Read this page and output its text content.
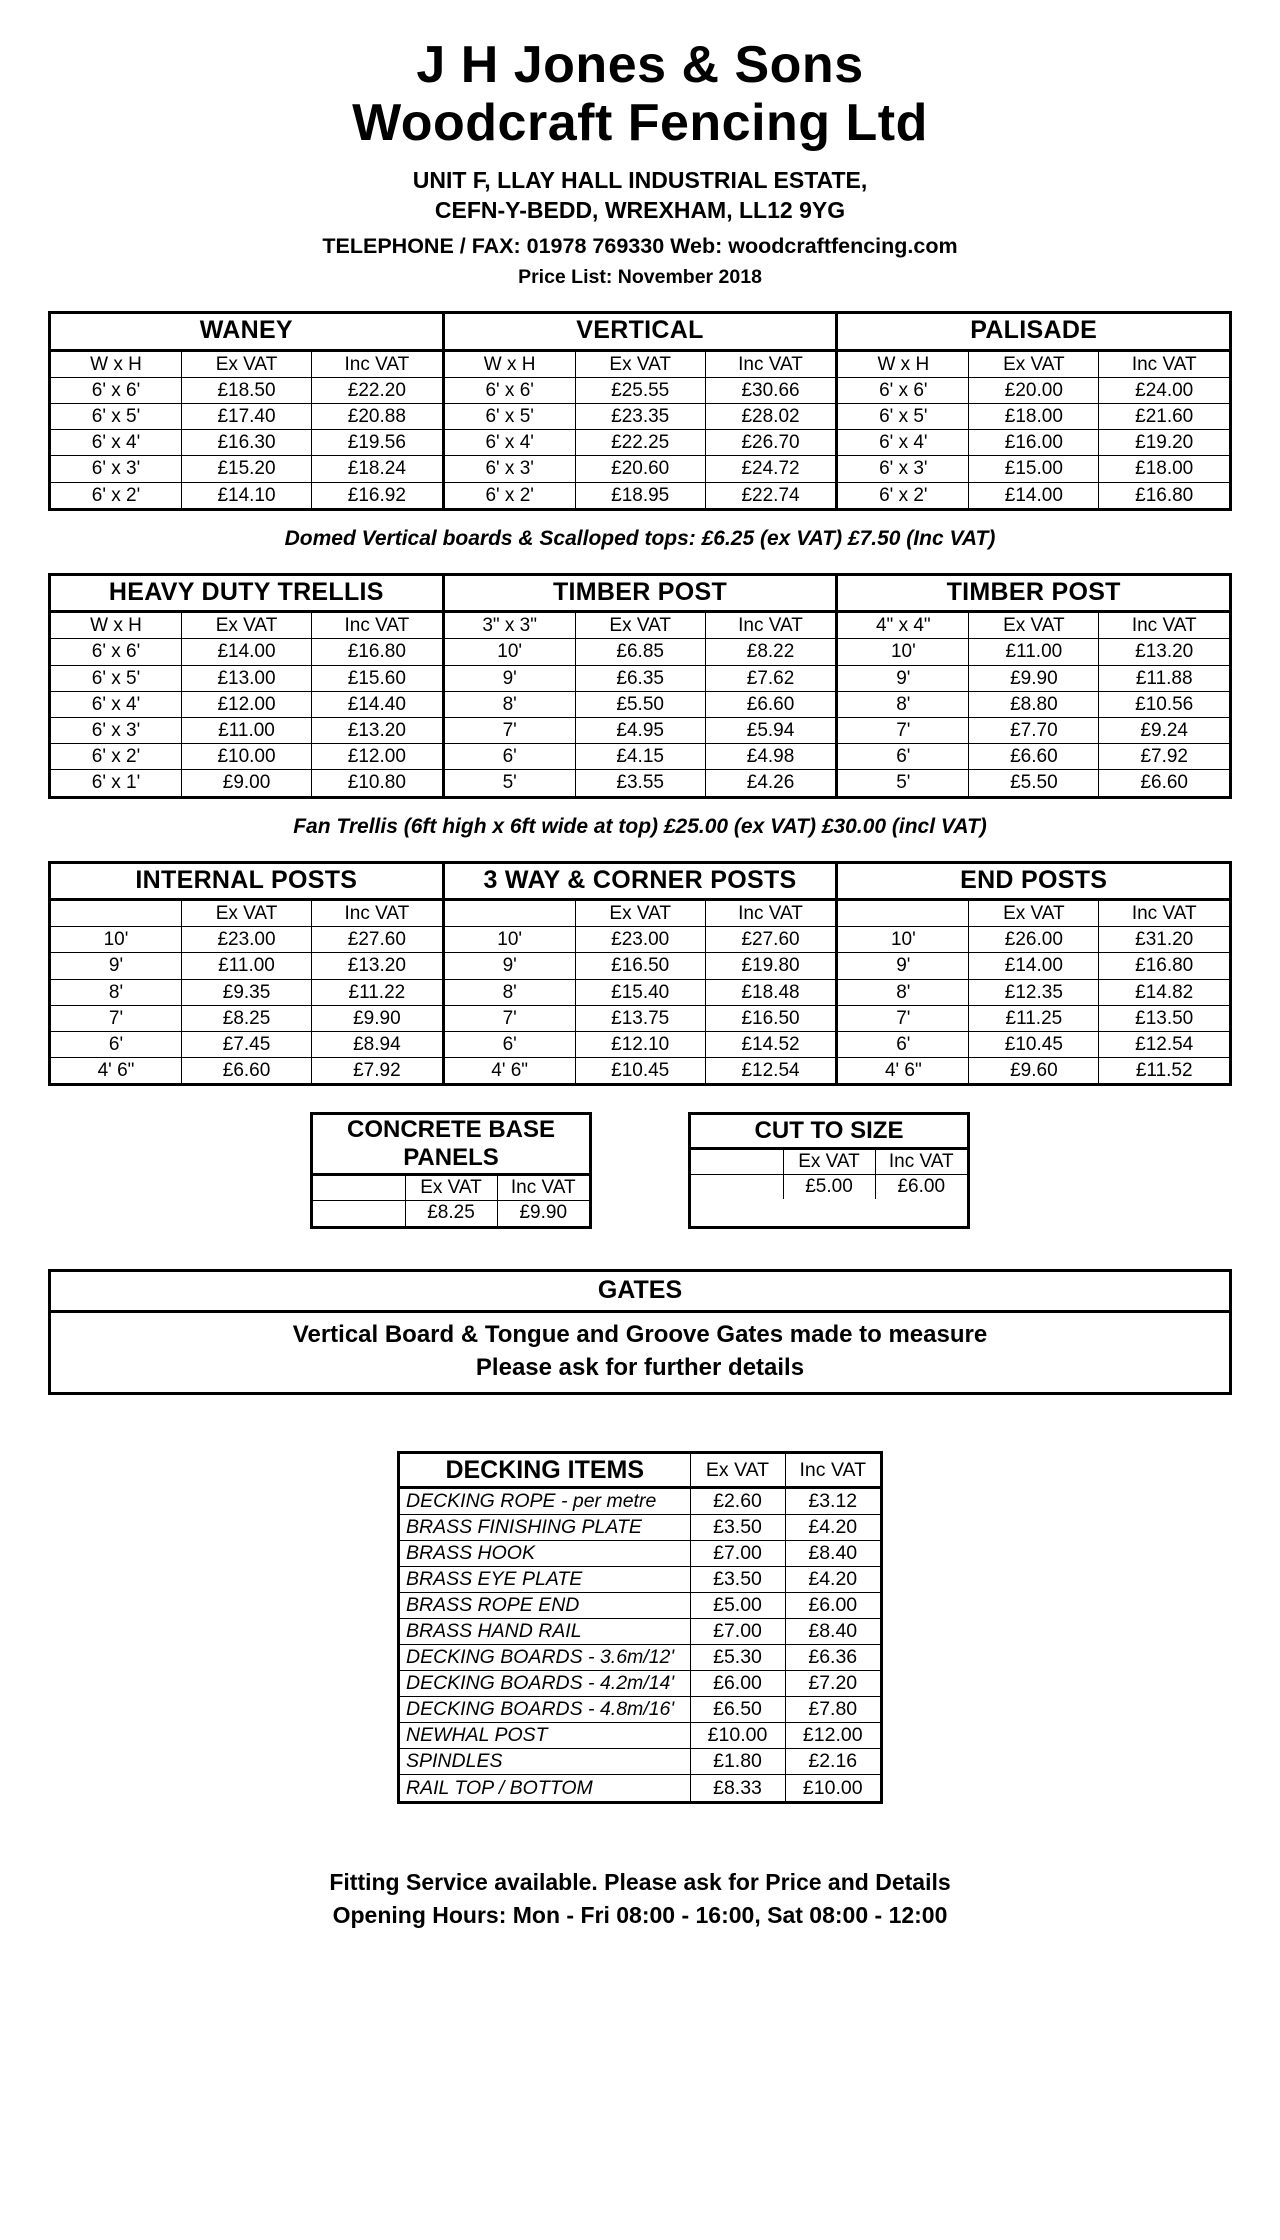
J H Jones & Sons
Woodcraft Fencing Ltd
UNIT F, LLAY HALL INDUSTRIAL ESTATE,
CEFN-Y-BEDD, WREXHAM, LL12 9YG
TELEPHONE / FAX: 01978 769330 Web: woodcraftfencing.com
Price List: November 2018
WANEY		
W x H	Ex VAT	Inc VAT
6' x 6'	£18.50	£22.20
6' x 5'	£17.40	£20.88
6' x 4'	£16.30	£19.56
6' x 3'	£15.20	£18.24
6' x 2'	£14.10	£16.92
VERTICAL		
W x H	Ex VAT	Inc VAT
6' x 6'	£25.55	£30.66
6' x 5'	£23.35	£28.02
6' x 4'	£22.25	£26.70
6' x 3'	£20.60	£24.72
6' x 2'	£18.95	£22.74
PALISADE		
W x H	Ex VAT	Inc VAT
6' x 6'	£20.00	£24.00
6' x 5'	£18.00	£21.60
6' x 4'	£16.00	£19.20
6' x 3'	£15.00	£18.00
6' x 2'	£14.00	£16.80
Domed Vertical boards & Scalloped tops: £6.25 (ex VAT) £7.50 (Inc VAT)
HEAVY DUTY TRELLIS		
W x H	Ex VAT	Inc VAT
6' x 6'	£14.00	£16.80
6' x 5'	£13.00	£15.60
6' x 4'	£12.00	£14.40
6' x 3'	£11.00	£13.20
6' x 2'	£10.00	£12.00
6' x 1'	£9.00	£10.80
TIMBER POST		
3" x 3"	Ex VAT	Inc VAT
10'	£6.85	£8.22
9'	£6.35	£7.62
8'	£5.50	£6.60
7'	£4.95	£5.94
6'	£4.15	£4.98
5'	£3.55	£4.26
TIMBER POST		
4" x 4"	Ex VAT	Inc VAT
10'	£11.00	£13.20
9'	£9.90	£11.88
8'	£8.80	£10.56
7'	£7.70	£9.24
6'	£6.60	£7.92
5'	£5.50	£6.60
Fan Trellis (6ft high x 6ft wide at top) £25.00 (ex VAT) £30.00 (incl VAT)
INTERNAL POSTS		
	Ex VAT	Inc VAT
10'	£23.00	£27.60
9'	£11.00	£13.20
8'	£9.35	£11.22
7'	£8.25	£9.90
6'	£7.45	£8.94
4' 6"	£6.60	£7.92
3 WAY & CORNER POSTS		
	Ex VAT	Inc VAT
10'	£23.00	£27.60
9'	£16.50	£19.80
8'	£15.40	£18.48
7'	£13.75	£16.50
6'	£12.10	£14.52
4' 6"	£10.45	£12.54
END POSTS		
	Ex VAT	Inc VAT
10'	£26.00	£31.20
9'	£14.00	£16.80
8'	£12.35	£14.82
7'	£11.25	£13.50
6'	£10.45	£12.54
4' 6"	£9.60	£11.52
CONCRETE BASE PANELS		
	Ex VAT	Inc VAT
	£8.25	£9.90
CUT TO SIZE		
	Ex VAT	Inc VAT
	£5.00	£6.00
GATES
Vertical Board & Tongue and Groove Gates made to measure
Please ask for further details
DECKING ITEMS	Ex VAT	Inc VAT
DECKING ROPE - per metre	£2.60	£3.12
BRASS FINISHING PLATE	£3.50	£4.20
BRASS HOOK	£7.00	£8.40
BRASS EYE PLATE	£3.50	£4.20
BRASS ROPE END	£5.00	£6.00
BRASS HAND RAIL	£7.00	£8.40
DECKING BOARDS - 3.6m/12'	£5.30	£6.36
DECKING BOARDS - 4.2m/14'	£6.00	£7.20
DECKING BOARDS - 4.8m/16'	£6.50	£7.80
NEWHAL POST	£10.00	£12.00
SPINDLES	£1.80	£2.16
RAIL TOP / BOTTOM	£8.33	£10.00
Fitting Service available. Please ask for Price and Details
Opening Hours: Mon - Fri 08:00 - 16:00, Sat 08:00 - 12:00
